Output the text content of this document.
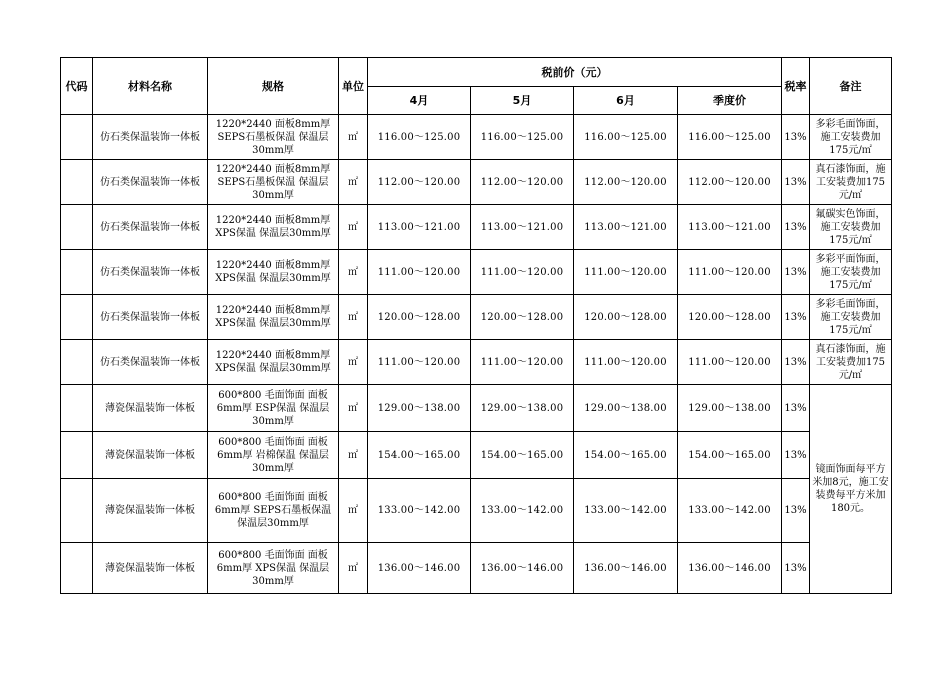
代码	材料名称	规格	单位	税前价（元）				税率	备注
				4月	5月	6月	季度价		
	仿石类保温装饰一体板	1220*2440 面板8mm厚SEPS石墨板保温 保温层30mm厚	㎡	116.00～125.00	116.00～125.00	116.00～125.00	116.00～125.00	13%	多彩毛面饰面，施工安装费加175元/㎡
	仿石类保温装饰一体板	1220*2440 面板8mm厚SEPS石墨板保温 保温层30mm厚	㎡	112.00～120.00	112.00～120.00	112.00～120.00	112.00～120.00	13%	真石漆饰面，施工安装费加175元/㎡
	仿石类保温装饰一体板	1220*2440 面板8mm厚XPS保温 保温层30mm厚	㎡	113.00～121.00	113.00～121.00	113.00～121.00	113.00～121.00	13%	氟碳实色饰面，施工安装费加175元/㎡
	仿石类保温装饰一体板	1220*2440 面板8mm厚XPS保温 保温层30mm厚	㎡	111.00～120.00	111.00～120.00	111.00～120.00	111.00～120.00	13%	多彩平面饰面，施工安装费加175元/㎡
	仿石类保温装饰一体板	1220*2440 面板8mm厚XPS保温 保温层30mm厚	㎡	120.00～128.00	120.00～128.00	120.00～128.00	120.00～128.00	13%	多彩毛面饰面，施工安装费加175元/㎡
	仿石类保温装饰一体板	1220*2440 面板8mm厚XPS保温 保温层30mm厚	㎡	111.00～120.00	111.00～120.00	111.00～120.00	111.00～120.00	13%	真石漆饰面，施工安装费加175元/㎡
	薄瓷保温装饰一体板	600*800 毛面饰面 面板6mm厚 ESP保温 保温层30mm厚	㎡	129.00～138.00	129.00～138.00	129.00～138.00	129.00～138.00	13%	镜面饰面每平方米加8元，施工安装费每平方米加180元。
	薄瓷保温装饰一体板	600*800 毛面饰面 面板6mm厚 岩棉保温 保温层30mm厚	㎡	154.00～165.00	154.00～165.00	154.00～165.00	154.00～165.00	13%	
	薄瓷保温装饰一体板	600*800 毛面饰面 面板6mm厚 SEPS石墨板保温 保温层30mm厚	㎡	133.00～142.00	133.00～142.00	133.00～142.00	133.00～142.00	13%	
	薄瓷保温装饰一体板	600*800 毛面饰面 面板6mm厚 XPS保温 保温层30mm厚	㎡	136.00～146.00	136.00～146.00	136.00～146.00	136.00～146.00	13%	
